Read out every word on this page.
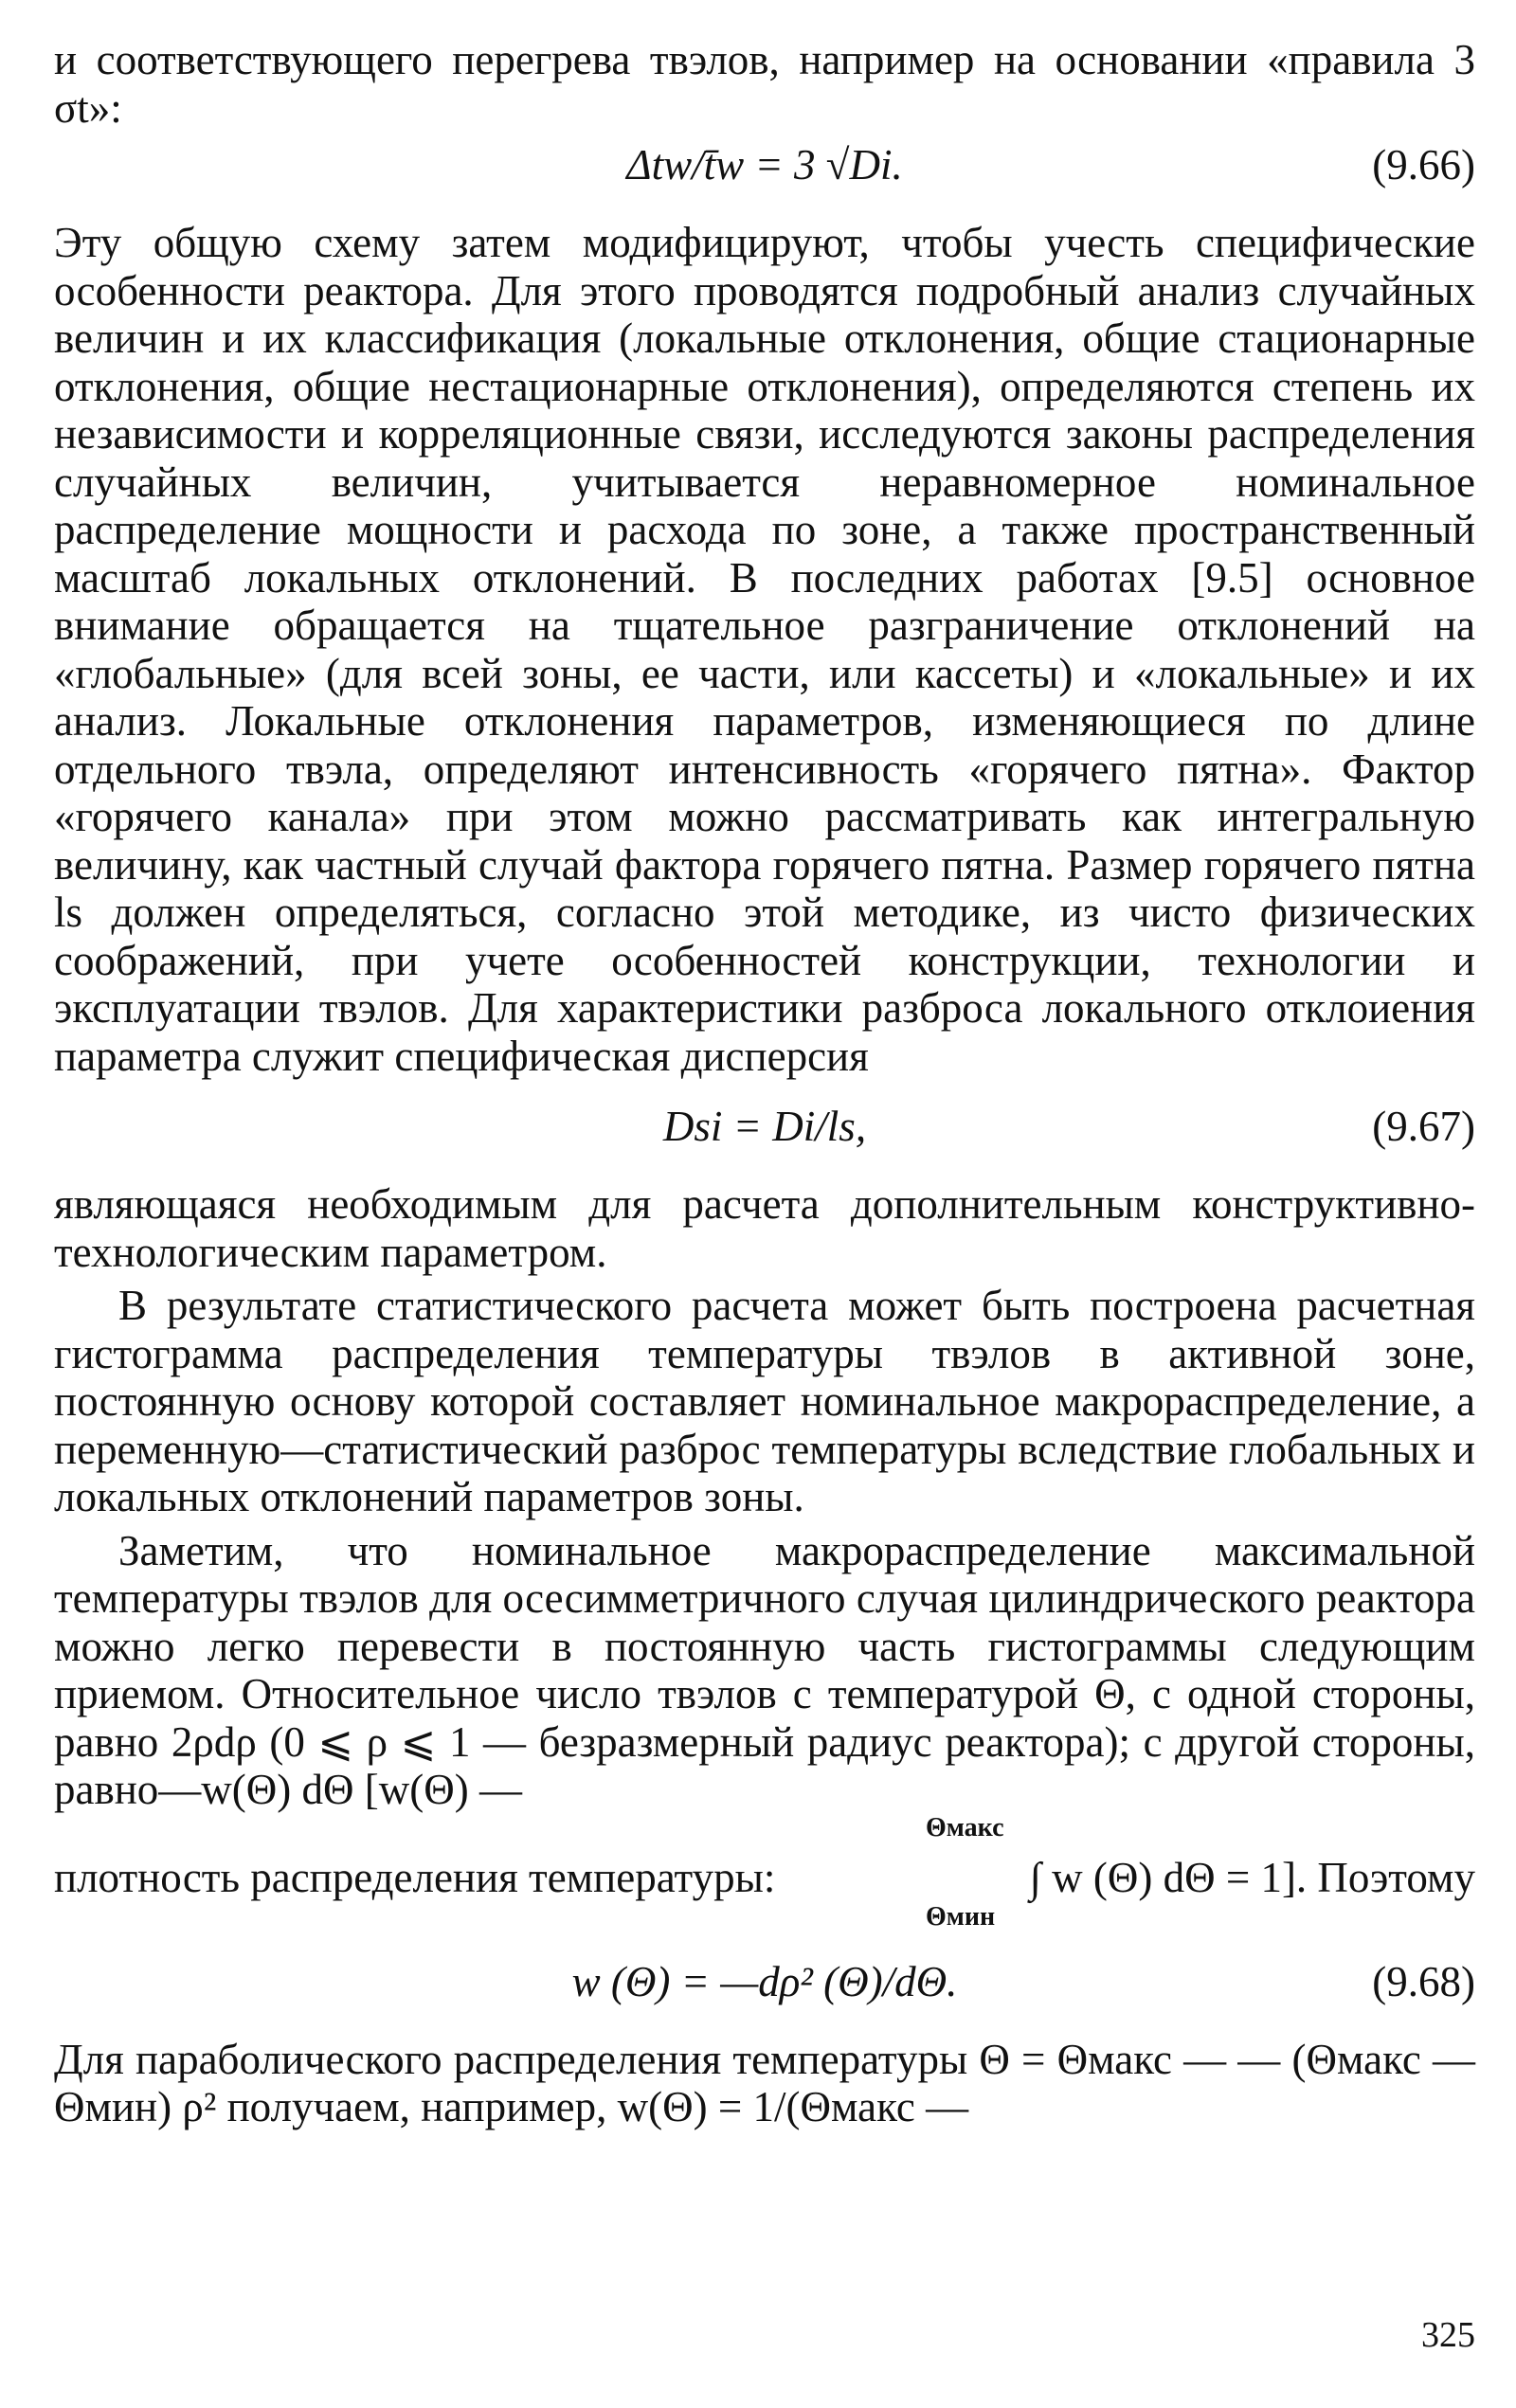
и соответствующего перегрева твэлов, например на основании «правила 3 σt»:

Δtw/t̄w = 3 √Di.	(9.66)

Эту общую схему затем модифицируют, чтобы учесть специфические особенности реактора. Для этого проводятся подробный анализ случайных величин и их классификация (локальные отклонения, общие стационарные отклонения, общие нестационарные отклонения), определяются степень их независимости и корреляционные связи, исследуются законы распределения случайных величин, учитывается неравномерное номинальное распределение мощности и расхода по зоне, а также пространственный масштаб локальных отклонений. В последних работах [9.5] основное внимание обращается на тщательное разграничение отклонений на «глобальные» (для всей зоны, ее части, или кассеты) и «локальные» и их анализ. Локальные отклонения параметров, изменяющиеся по длине отдельного твэла, определяют интенсивность «горячего пятна». Фактор «горячего канала» при этом можно рассматривать как интегральную величину, как частный случай фактора горячего пятна. Размер горячего пятна ls должен определяться, согласно этой методике, из чисто физических соображений, при учете особенностей конструкции, технологии и эксплуатации твэлов. Для характеристики разброса локального отклоиения параметра служит специфическая дисперсия

Dsi = Di/ls,	(9.67)

являющаяся необходимым для расчета дополнительным конструктивно-технологическим параметром.

В результате статистического расчета может быть построена расчетная гистограмма распределения температуры твэлов в активной зоне, постоянную основу которой составляет номинальное макрораспределение, а переменную—статистический разброс температуры вследствие глобальных и локальных отклонений параметров зоны.

Заметим, что номинальное макрораспределение максимальной температуры твэлов для осесимметричного случая цилиндрического реактора можно легко перевести в постоянную часть гистограммы следующим приемом. Относительное число твэлов с температурой Θ, с одной стороны, равно 2ρdρ (0 ⩽ ρ ⩽ 1 — безразмерный радиус реактора); с другой стороны, равно—w(Θ) dΘ [w(Θ) —

плотность распределения температуры:
Θмакс
Θмин
∫ w (Θ) dΘ = 1]. Поэтому
w (Θ) = —dρ² (Θ)/dΘ.	(9.68)

Для параболического распределения температуры Θ = Θмакс — — (Θмакс — Θмин) ρ² получаем, например, w(Θ) = 1/(Θмакс —

325
